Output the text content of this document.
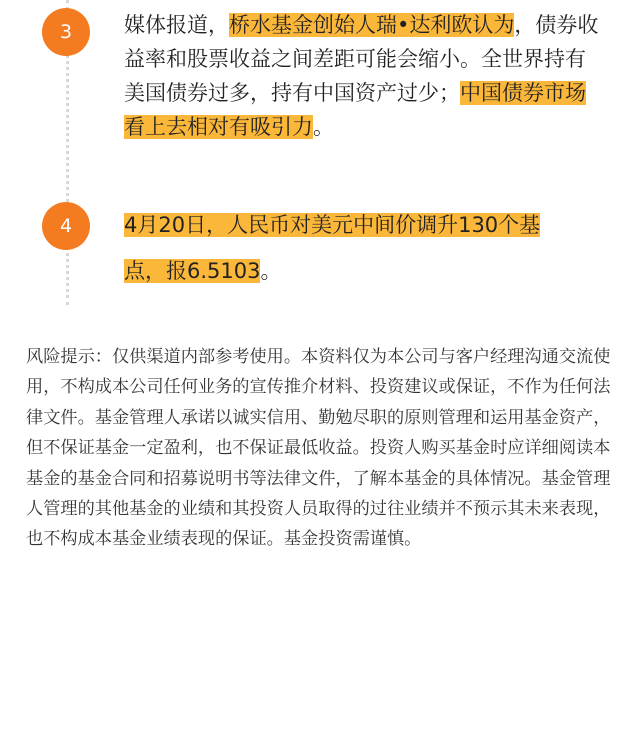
3	媒体报道，桥水基金创始人瑞•达利欧认为，债券收益率和股票收益之间差距可能会缩小。全世界持有美国债券过多，持有中国资产过少；中国债券市场看上去相对有吸引力。

4	4月20日，人民币对美元中间价调升130个基点，报6.5103。

风险提示：仅供渠道内部参考使用。本资料仅为本公司与客户经理沟通交流使用，不构成本公司任何业务的宣传推介材料、投资建议或保证，不作为任何法律文件。基金管理人承诺以诚实信用、勤勉尽职的原则管理和运用基金资产，但不保证基金一定盈利，也不保证最低收益。投资人购买基金时应详细阅读本基金的基金合同和招募说明书等法律文件，了解本基金的具体情况。基金管理人管理的其他基金的业绩和其投资人员取得的过往业绩并不预示其未来表现，也不构成本基金业绩表现的保证。基金投资需谨慎。
